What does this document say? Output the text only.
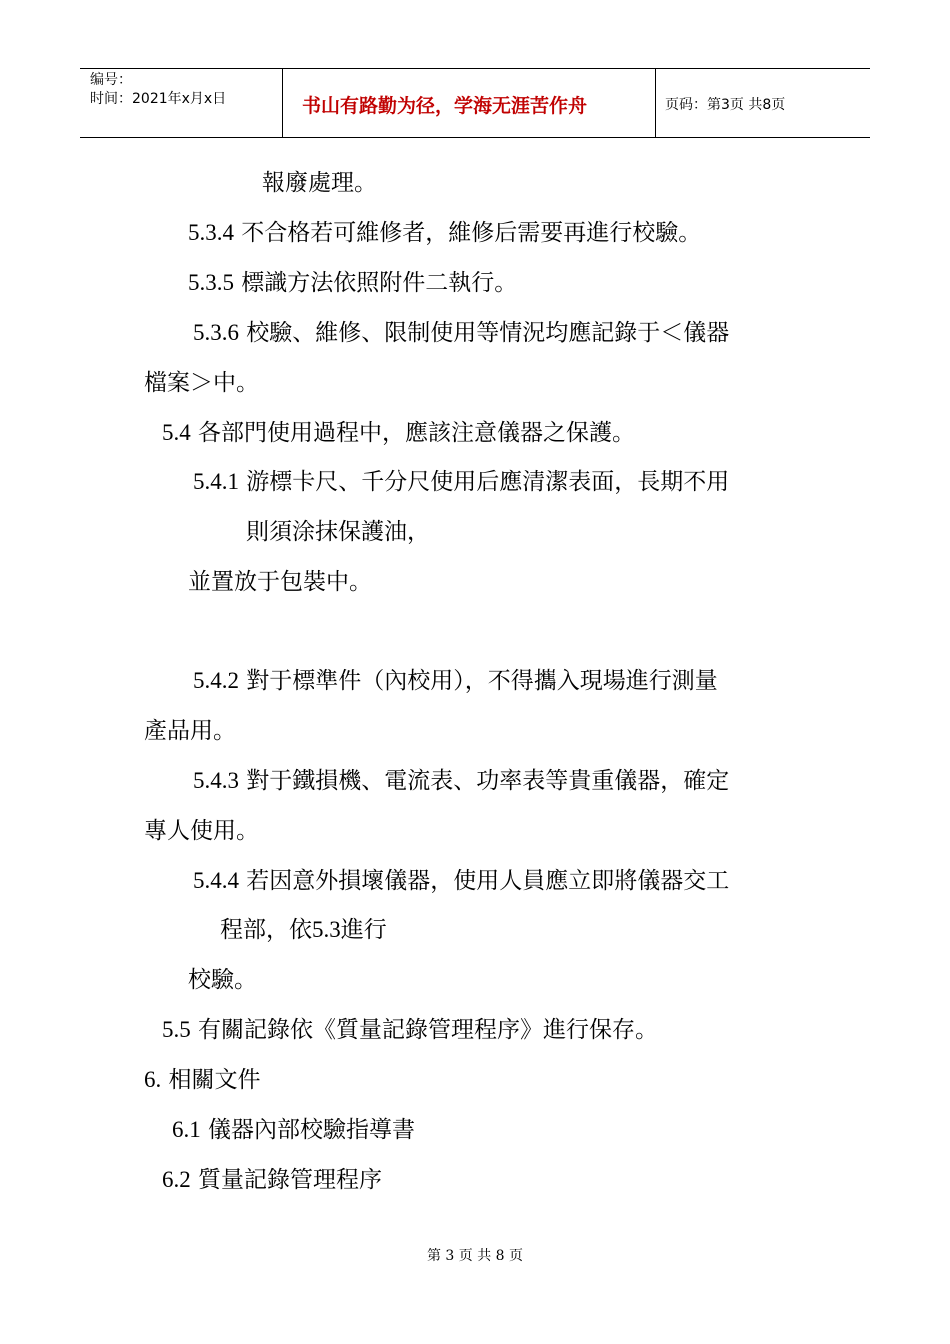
编号：
时间：2021年x月x日	书山有路勤为径，学海无涯苦作舟	页码：第3页 共8页
報廢處理。
5.3.4 不合格若可維修者，維修后需要再進行校驗。
5.3.5 標識方法依照附件二執行。
5.3.6 校驗、維修、限制使用等情況均應記錄于＜儀器
檔案＞中。
5.4 各部門使用過程中，應該注意儀器之保護。
5.4.1 游標卡尺、千分尺使用后應清潔表面，長期不用
則須涂抹保護油，
並置放于包裝中。
5.4.2 對于標準件（內校用），不得攜入現場進行測量
產品用。
5.4.3 對于鐵損機、電流表、功率表等貴重儀器，確定
專人使用。
5.4.4 若因意外損壞儀器，使用人員應立即將儀器交工
程部，依5.3進行
校驗。
5.5 有關記錄依《質量記錄管理程序》進行保存。
6. 相關文件
6.1 儀器內部校驗指導書
6.2 質量記錄管理程序
第 3 页 共 8 页
